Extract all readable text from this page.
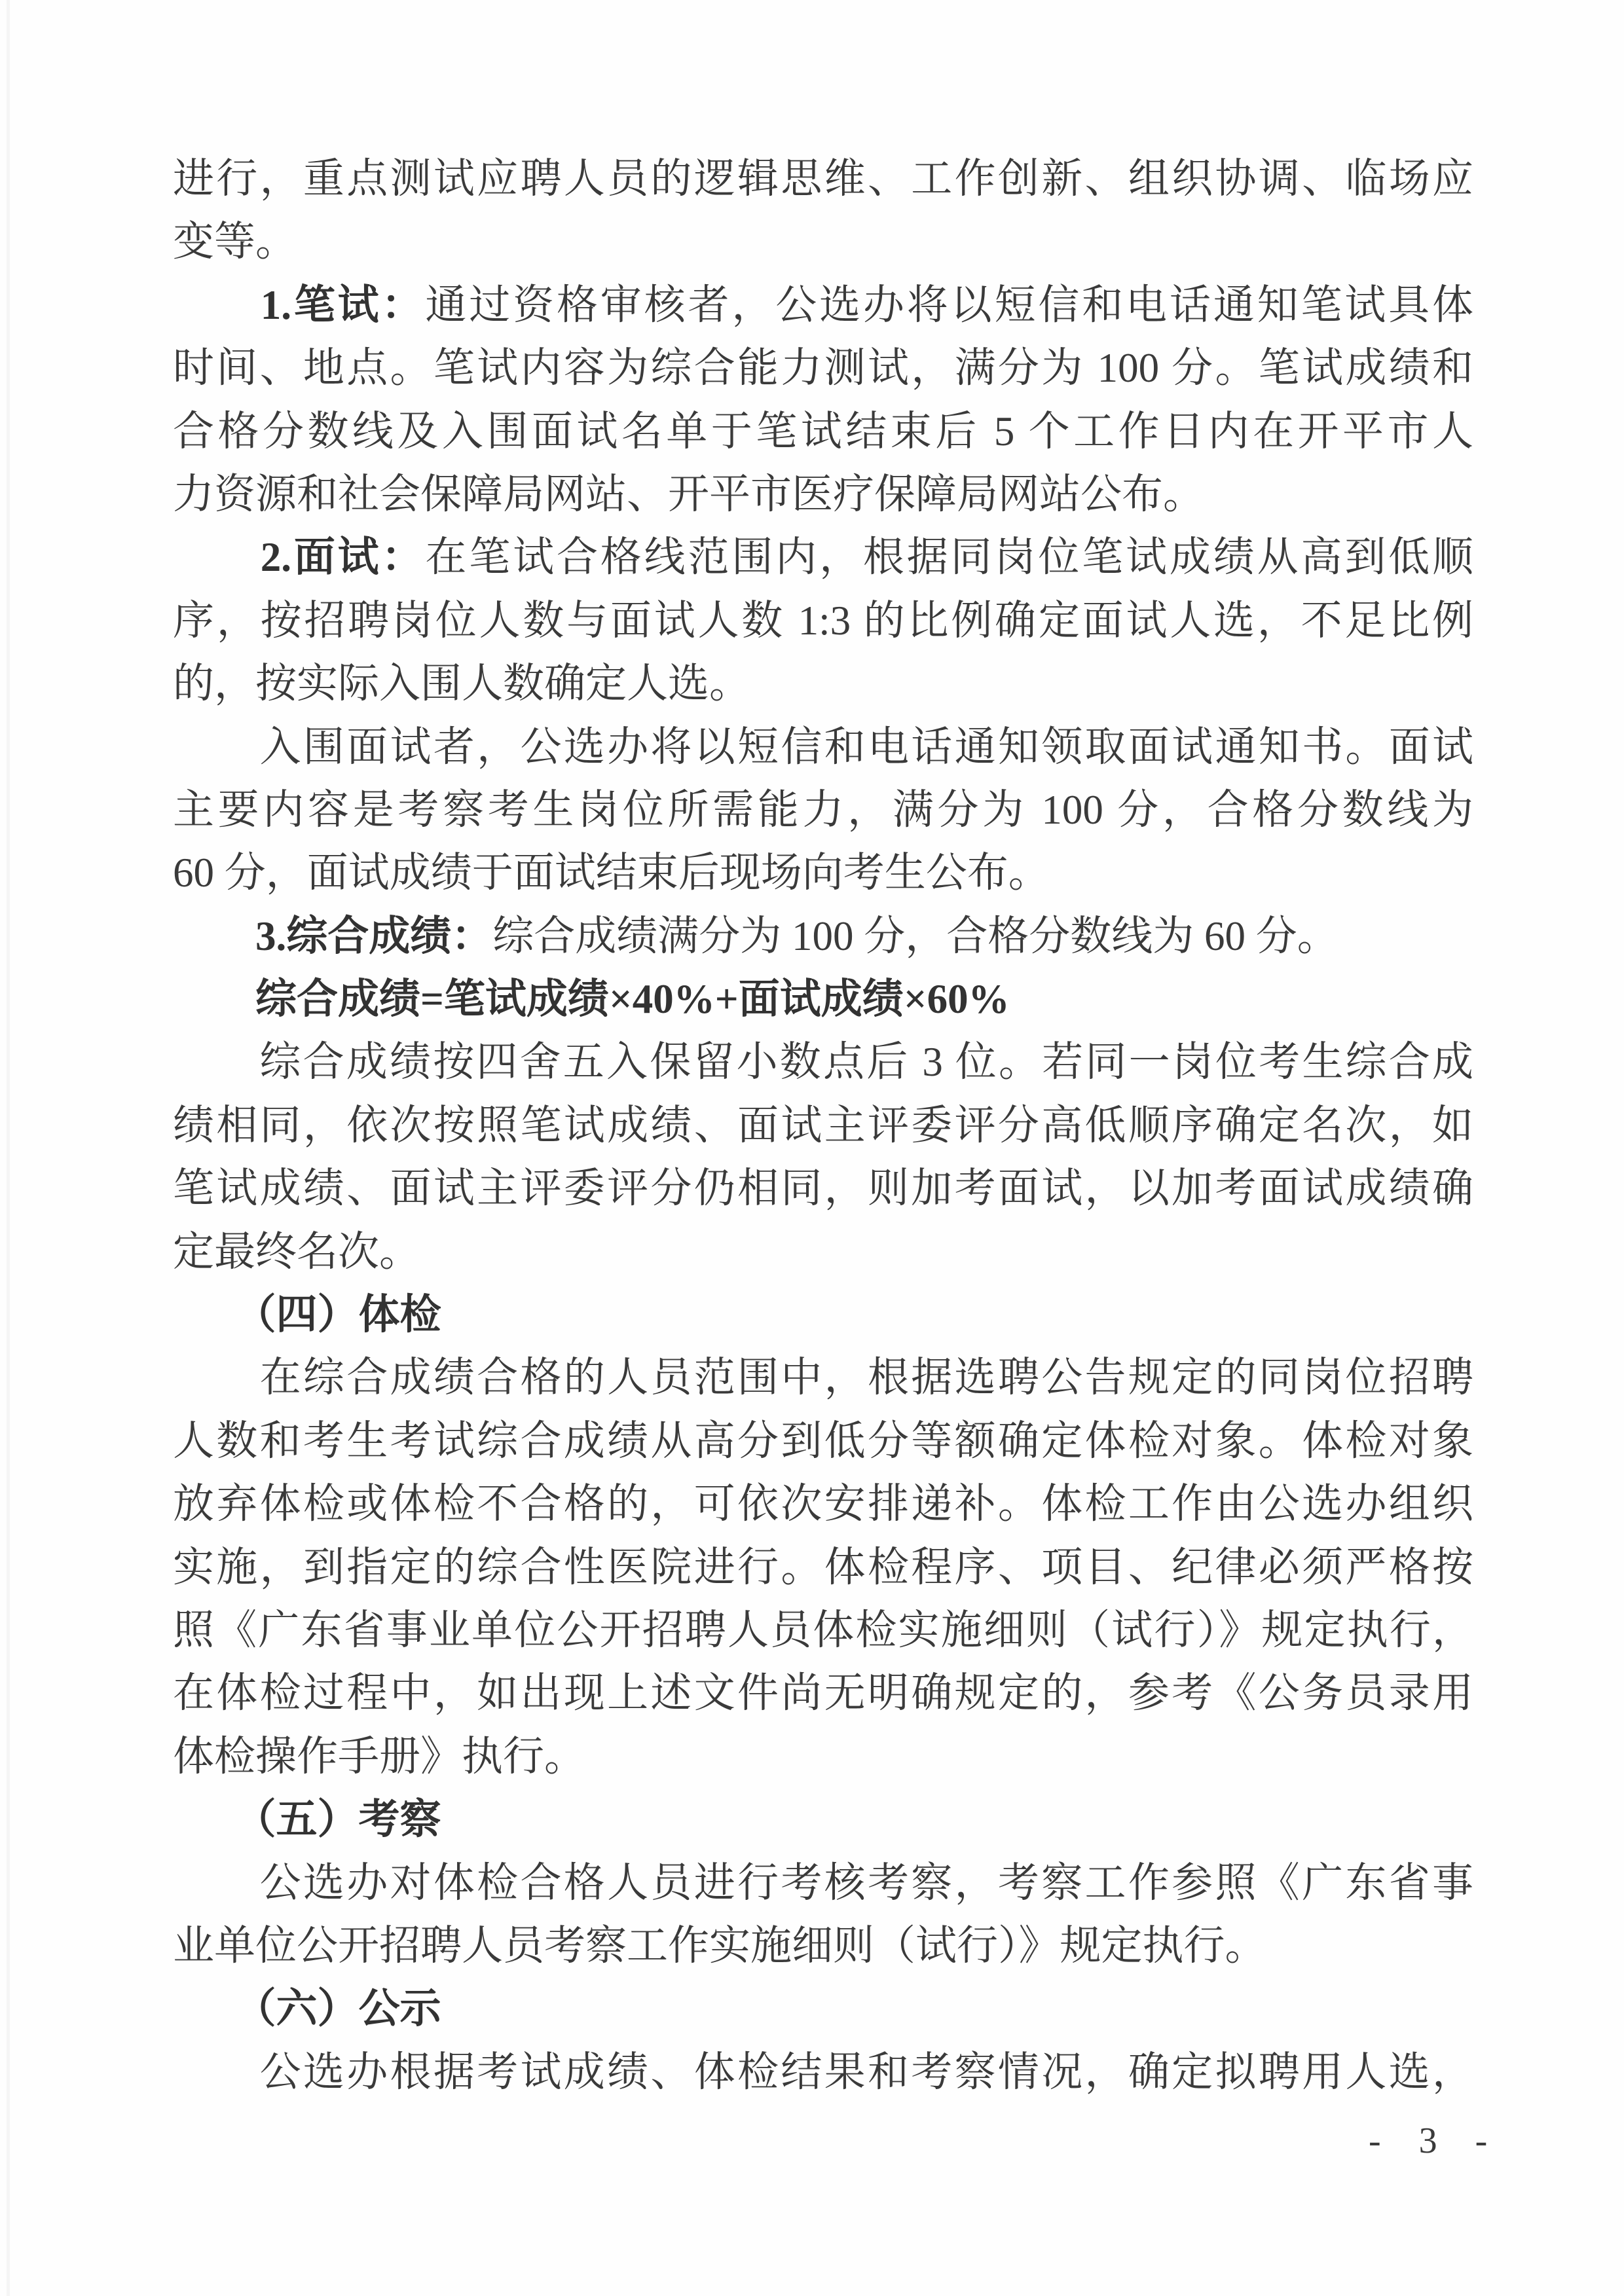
进行，重点测试应聘人员的逻辑思维、工作创新、组织协调、临场应
变等。
　　1.笔试：通过资格审核者，公选办将以短信和电话通知笔试具体
时间、地点。笔试内容为综合能力测试，满分为 100 分。笔试成绩和
合格分数线及入围面试名单于笔试结束后 5 个工作日内在开平市人
力资源和社会保障局网站、开平市医疗保障局网站公布。
　　2.面试：在笔试合格线范围内，根据同岗位笔试成绩从高到低顺
序，按招聘岗位人数与面试人数 1:3 的比例确定面试人选，不足比例
的，按实际入围人数确定人选。
　　入围面试者，公选办将以短信和电话通知领取面试通知书。面试
主要内容是考察考生岗位所需能力，满分为 100 分，合格分数线为
60 分，面试成绩于面试结束后现场向考生公布。
　　3.综合成绩：综合成绩满分为 100 分，合格分数线为 60 分。
　　综合成绩=笔试成绩×40%+面试成绩×60%
　　综合成绩按四舍五入保留小数点后 3 位。若同一岗位考生综合成
绩相同，依次按照笔试成绩、面试主评委评分高低顺序确定名次，如
笔试成绩、面试主评委评分仍相同，则加考面试，以加考面试成绩确
定最终名次。
　　（四）体检
　　在综合成绩合格的人员范围中，根据选聘公告规定的同岗位招聘
人数和考生考试综合成绩从高分到低分等额确定体检对象。体检对象
放弃体检或体检不合格的，可依次安排递补。体检工作由公选办组织
实施，到指定的综合性医院进行。体检程序、项目、纪律必须严格按
照《广东省事业单位公开招聘人员体检实施细则（试行）》规定执行，
在体检过程中，如出现上述文件尚无明确规定的，参考《公务员录用
体检操作手册》执行。
　　（五）考察
　　公选办对体检合格人员进行考核考察，考察工作参照《广东省事
业单位公开招聘人员考察工作实施细则（试行）》规定执行。
　　（六）公示
　　公选办根据考试成绩、体检结果和考察情况，确定拟聘用人选，
- 3 -
